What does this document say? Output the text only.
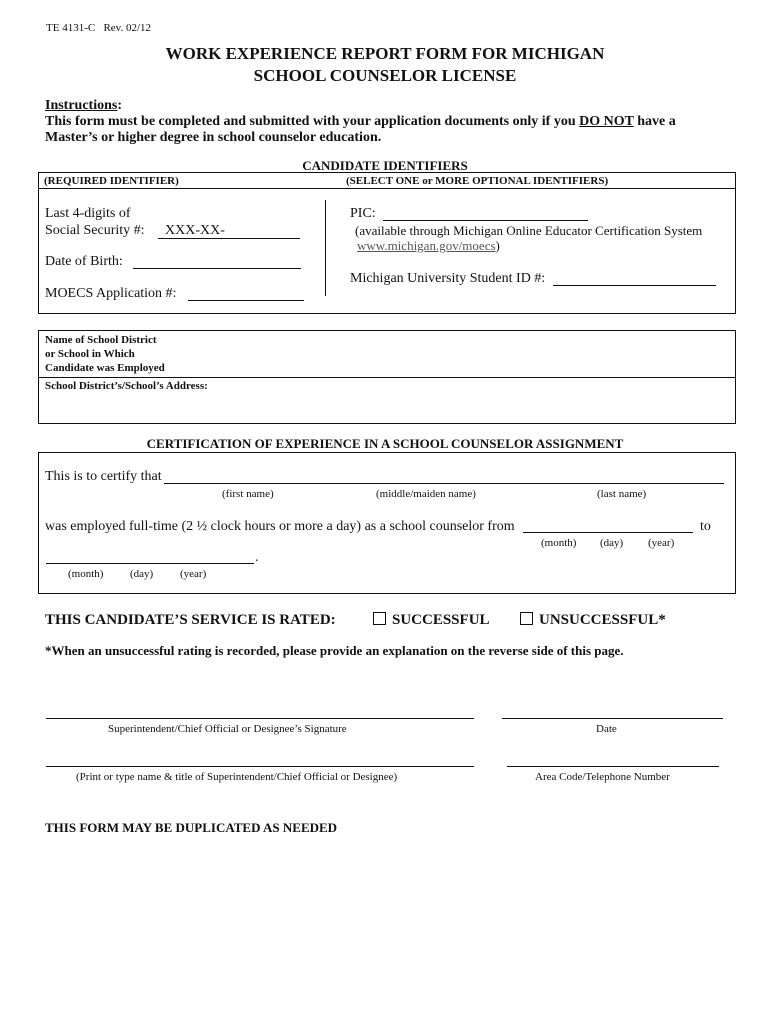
TE 4131-C Rev. 02/12
WORK EXPERIENCE REPORT FORM FOR MICHIGAN
SCHOOL COUNSELOR LICENSE
Instructions:
This form must be completed and submitted with your application documents only if you DO NOT have a
Master’s or higher degree in school counselor education.
CANDIDATE IDENTIFIERS
(REQUIRED IDENTIFIER)	(SELECT ONE or MORE OPTIONAL IDENTIFIERS)
Last 4-digits of
Social Security #: XXX-XX-
Date of Birth:
MOECS Application #:
PIC:
(available through Michigan Online Educator Certification System
www.michigan.gov/moecs)
Michigan University Student ID #:
Name of School District
or School in Which
Candidate was Employed
School District’s/School’s Address:
CERTIFICATION OF EXPERIENCE IN A SCHOOL COUNSELOR ASSIGNMENT
This is to certify that
(first name)	(middle/maiden name)	(last name)
was employed full-time (2 ½ clock hours or more a day) as a school counselor from	to
(month) (day) (year)
.
(month) (day) (year)
THIS CANDIDATE’S SERVICE IS RATED:	SUCCESSFUL	UNSUCCESSFUL*
*When an unsuccessful rating is recorded, please provide an explanation on the reverse side of this page.
Superintendent/Chief Official or Designee’s Signature	Date
(Print or type name & title of Superintendent/Chief Official or Designee)	Area Code/Telephone Number
THIS FORM MAY BE DUPLICATED AS NEEDED
